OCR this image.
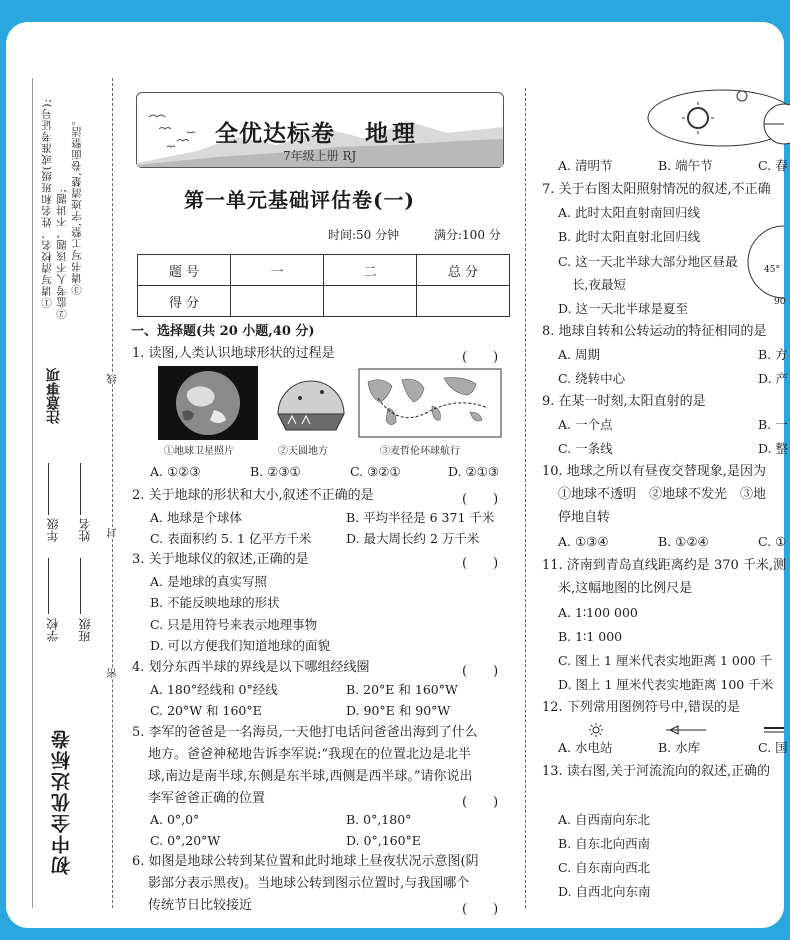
注意事项
①请写清校名、姓名和班级(或准考证号); ②监考人不该题、不讲题; ③请书写工整,字迹清楚,卷面整洁。
学校
年级
班级
姓名
线
封
密
初中全优达标卷
全优达标卷 地理
7年级上册 RJ
第一单元基础评估卷(一)
时间:50 分钟	满分:100 分
题 号	一	二	总 分
得 分			
一、选择题(共 20 小题,40 分)
1. 读图,人类认识地球形状的过程是	(　　)
①地球卫星照片	②天圆地方	③麦哲伦环球航行
A. ①②③	B. ②③①	C. ③②①	D. ②①③
2. 关于地球的形状和大小,叙述不正确的是	(　　)
A. 地球是个球体	B. 平均半径是 6 371 千米
C. 表面积约 5. 1 亿平方千米	D. 最大周长约 2 万千米
3. 关于地球仪的叙述,正确的是	(　　)
A. 是地球的真实写照
B. 不能反映地球的形状
C. 只是用符号来表示地理事物
D. 可以方便我们知道地球的面貌
4. 划分东西半球的界线是以下哪组经线圈	(　　)
A. 180°经线和 0°经线	B. 20°E 和 160°W
C. 20°W 和 160°E	D. 90°E 和 90°W
5. 李军的爸爸是一名海员,一天他打电话问爸爸出海到了什么
地方。爸爸神秘地告诉李军说:“我现在的位置北边是北半
球,南边是南半球,东侧是东半球,西侧是西半球。”请你说出
李军爸爸正确的位置	(　　)
A. 0°,0°	B. 0°,180°
C. 0°,20°W	D. 0°,160°E
6. 如图是地球公转到某位置和此时地球上昼夜状况示意图(阴
影部分表示黑夜)。当地球公转到图示位置时,与我国哪个
传统节日比较接近	(　　)
A. 清明节	B. 端午节	C. 春
7. 关于右图太阳照射情况的叙述,不正确
A. 此时太阳直射南回归线
B. 此时太阳直射北回归线
C. 这一天北半球大部分地区昼最
长,夜最短
D. 这一天北半球是夏至
45°
90
8. 地球自转和公转运动的特征相同的是
A. 周期	B. 方
C. 绕转中心	D. 产
9. 在某一时刻,太阳直射的是
A. 一个点	B. 一
C. 一条线	D. 整
10. 地球之所以有昼夜交替现象,是因为
①地球不透明　②地球不发光　③地
停地自转
A. ①③④	B. ①②④	C. ①
11. 济南到青岛直线距离约是 370 千米,测
米,这幅地图的比例尺是
A. 1∶100 000
B. 1∶1 000
C. 图上 1 厘米代表实地距离 1 000 千
D. 图上 1 厘米代表实地距离 100 千米
12. 下列常用图例符号中,错误的是
A. 水电站	B. 水库	C. 国
13. 读右图,关于河流流向的叙述,正确的
A. 自西南向东北
B. 自东北向西南
C. 自东南向西北
D. 自西北向东南
